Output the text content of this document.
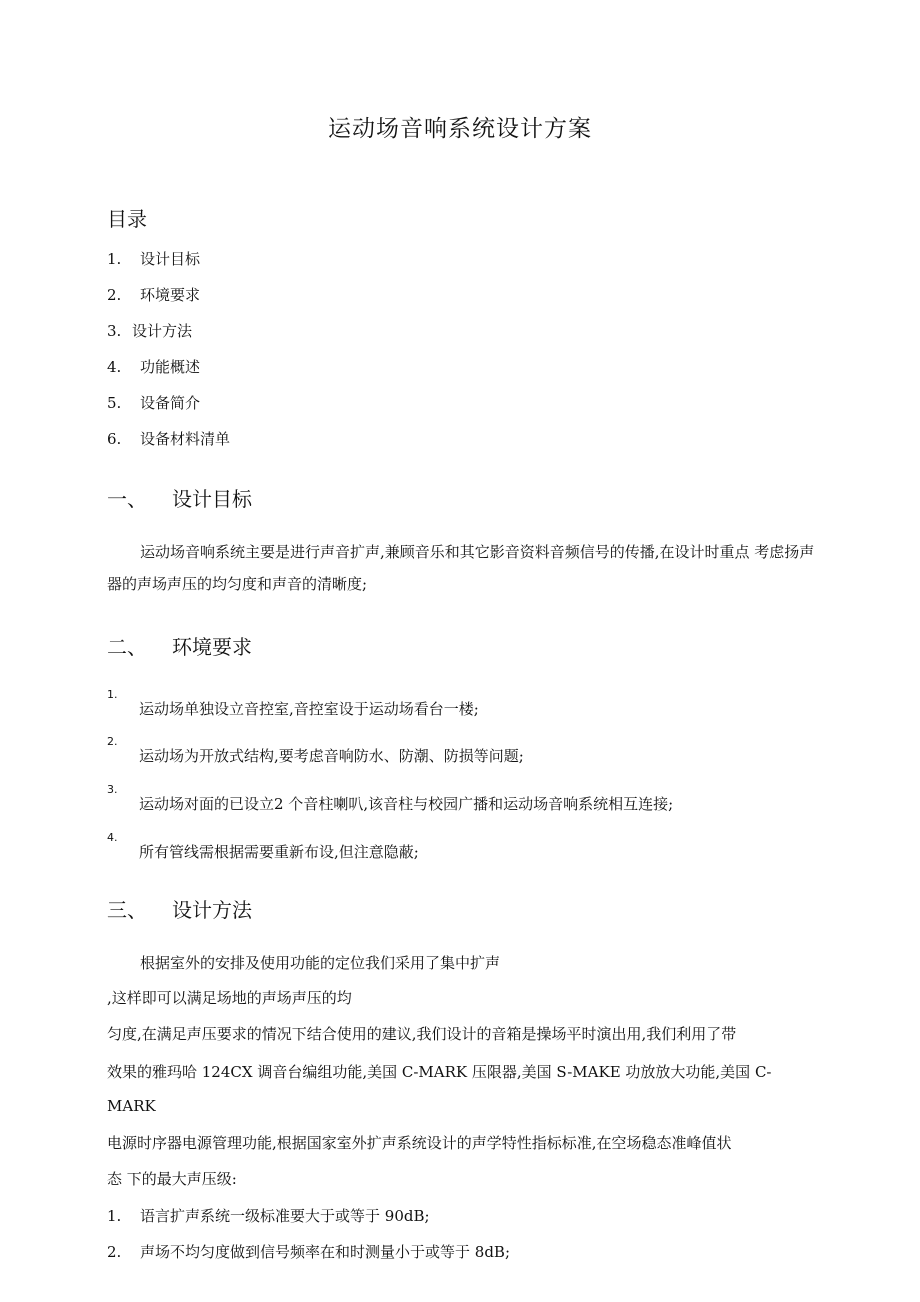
运动场音响系统设计方案
目录
1. 设计目标
2. 环境要求
3. 设计方法
4. 功能概述
5. 设备简介
6. 设备材料清单
一、 设计目标
运动场音响系统主要是进行声音扩声,兼顾音乐和其它影音资料音频信号的传播,在设计时重点 考虑扬声器的声场声压的均匀度和声音的清晰度;
二、 环境要求
1.
运动场单独设立音控室,音控室设于运动场看台一楼;
2.
运动场为开放式结构,要考虑音响防水、防潮、防损等问题;
3.
运动场对面的已设立2 个音柱喇叭,该音柱与校园广播和运动场音响系统相互连接;
4.
所有管线需根据需要重新布设,但注意隐蔽;
三、 设计方法
根据室外的安排及使用功能的定位我们采用了集中扩声
,这样即可以满足场地的声场声压的均
匀度,在满足声压要求的情况下结合使用的建议,我们设计的音箱是操场平时演出用,我们利用了带
效果的雅玛哈 124CX 调音台编组功能,美国 C-MARK 压限器,美国 S-MAKE 功放放大功能,美国 C-
MARK
电源时序器电源管理功能,根据国家室外扩声系统设计的声学特性指标标准,在空场稳态准峰值状
态 下的最大声压级:
1. 语言扩声系统一级标准要大于或等于 90dB;
2. 声场不均匀度做到信号频率在和时测量小于或等于 8dB;
